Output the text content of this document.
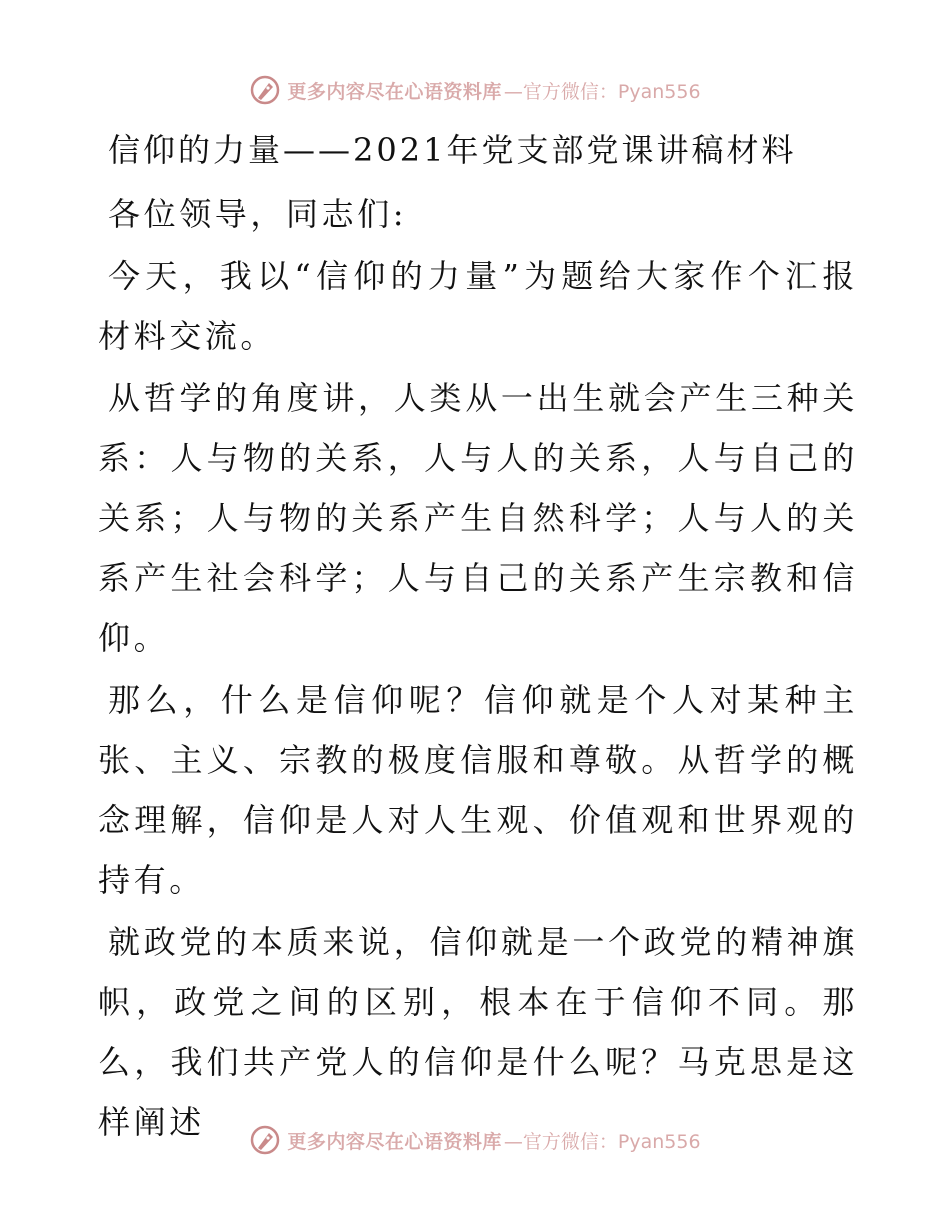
更多内容尽在心语资料库 —官方微信：Pyan556
信仰的力量——2021年党支部党课讲稿材料

各位领导，同志们:

今天，我以“信仰的力量”为题给大家作个汇报材料交流。

从哲学的角度讲，人类从一出生就会产生三种关系：人与物的关系，人与人的关系，人与自己的关系；人与物的关系产生自然科学；人与人的关系产生社会科学；人与自己的关系产生宗教和信仰。

那么，什么是信仰呢？信仰就是个人对某种主张、主义、宗教的极度信服和尊敬。从哲学的概念理解，信仰是人对人生观、价值观和世界观的持有。

就政党的本质来说，信仰就是一个政党的精神旗帜，政党之间的区别，根本在于信仰不同。那么，我们共产党人的信仰是什么呢？马克思是这样阐述

更多内容尽在心语资料库 —官方微信：Pyan556
